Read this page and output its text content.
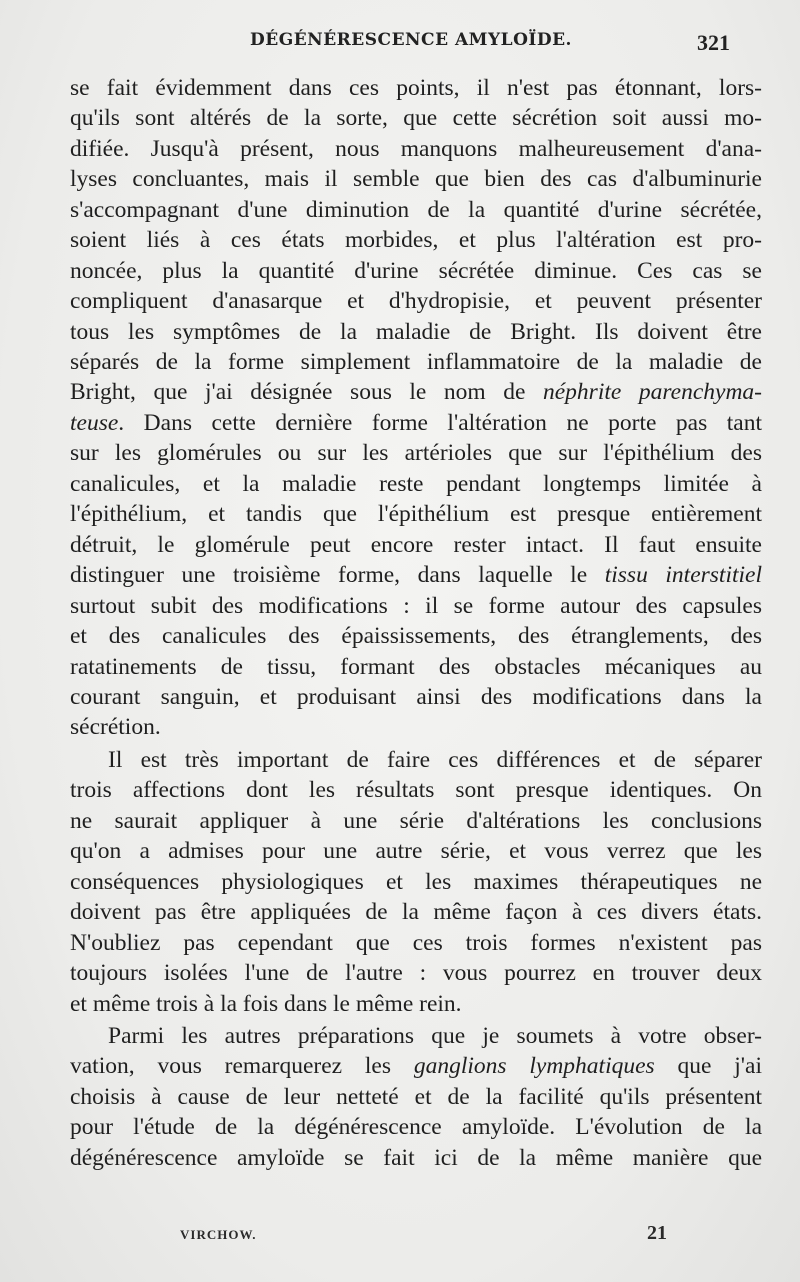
DÉGÉNÉRESCENCE AMYLOÏDE.	321
se fait évidemment dans ces points, il n'est pas étonnant, lors-
qu'ils sont altérés de la sorte, que cette sécrétion soit aussi mo-
difiée. Jusqu'à présent, nous manquons malheureusement d'ana-
lyses concluantes, mais il semble que bien des cas d'albuminurie
s'accompagnant d'une diminution de la quantité d'urine sécrétée,
soient liés à ces états morbides, et plus l'altération est pro-
noncée, plus la quantité d'urine sécrétée diminue. Ces cas se
compliquent d'anasarque et d'hydropisie, et peuvent présenter
tous les symptômes de la maladie de Bright. Ils doivent être
séparés de la forme simplement inflammatoire de la maladie de
Bright, que j'ai désignée sous le nom de néphrite parenchyma-
teuse. Dans cette dernière forme l'altération ne porte pas tant
sur les glomérules ou sur les artérioles que sur l'épithélium des
canalicules, et la maladie reste pendant longtemps limitée à
l'épithélium, et tandis que l'épithélium est presque entièrement
détruit, le glomérule peut encore rester intact. Il faut ensuite
distinguer une troisième forme, dans laquelle le tissu interstitiel
surtout subit des modifications : il se forme autour des capsules
et des canalicules des épaississements, des étranglements, des
ratatinements de tissu, formant des obstacles mécaniques au
courant sanguin, et produisant ainsi des modifications dans la
sécrétion.
Il est très important de faire ces différences et de séparer
trois affections dont les résultats sont presque identiques. On
ne saurait appliquer à une série d'altérations les conclusions
qu'on a admises pour une autre série, et vous verrez que les
conséquences physiologiques et les maximes thérapeutiques ne
doivent pas être appliquées de la même façon à ces divers états.
N'oubliez pas cependant que ces trois formes n'existent pas
toujours isolées l'une de l'autre : vous pourrez en trouver deux
et même trois à la fois dans le même rein.
Parmi les autres préparations que je soumets à votre obser-
vation, vous remarquerez les ganglions lymphatiques que j'ai
choisis à cause de leur netteté et de la facilité qu'ils présentent
pour l'étude de la dégénérescence amyloïde. L'évolution de la
dégénérescence amyloïde se fait ici de la même manière que
VIRCHOW.	21
